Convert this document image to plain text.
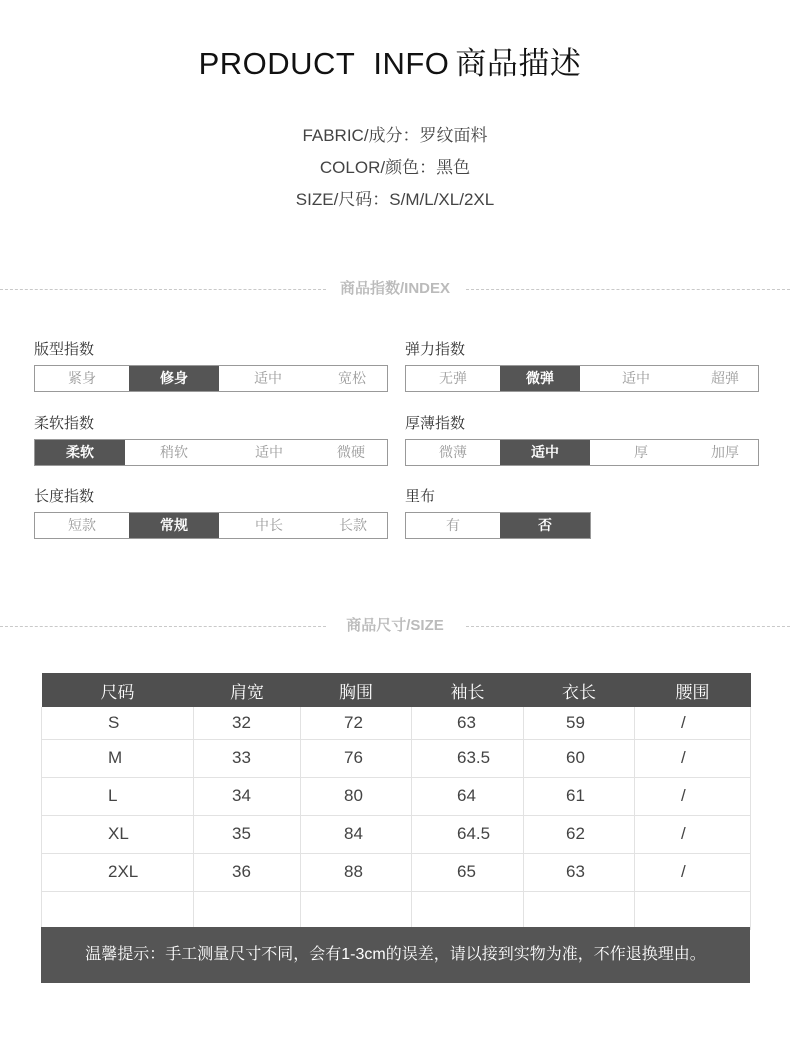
PRODUCT INFO 商品描述
FABRIC/成分：罗纹面料
COLOR/颜色：黑色
SIZE/尺码：S/M/L/XL/2XL
商品指数/INDEX
版型指数
紧身	修身	适中	宽松
弹力指数
无弹	微弹	适中	超弹
柔软指数
柔软	稍软	适中	微硬
厚薄指数
微薄	适中	厚	加厚
长度指数
短款	常规	中长	长款
里布
有	否
商品尺寸/SIZE
尺码	肩宽	胸围	袖长	衣长	腰围
S	32	72	63	59	/
M	33	76	63.5	60	/
L	34	80	64	61	/
XL	35	84	64.5	62	/
2XL	36	88	65	63	/

温馨提示：手工测量尺寸不同，会有1-3cm的误差，请以接到实物为准，不作退换理由。
